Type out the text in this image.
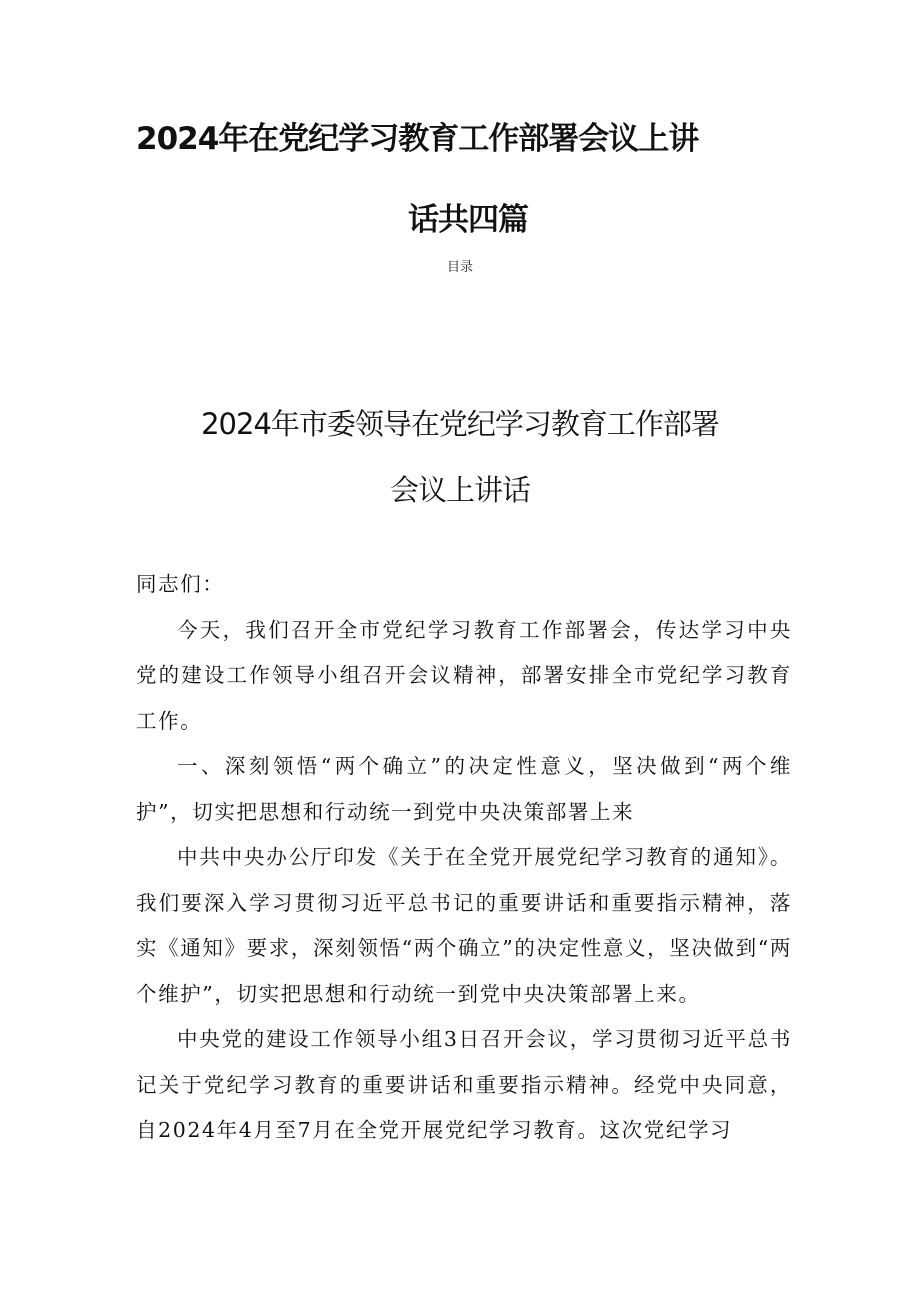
2024年在党纪学习教育工作部署会议上讲
话共四篇
目录
2024年市委领导在党纪学习教育工作部署
会议上讲话

同志们：

今天，我们召开全市党纪学习教育工作部署会，传达学习中央党的建设工作领导小组召开会议精神，部署安排全市党纪学习教育工作。

一、深刻领悟“两个确立”的决定性意义，坚决做到“两个维护”，切实把思想和行动统一到党中央决策部署上来

中共中央办公厅印发《关于在全党开展党纪学习教育的通知》。我们要深入学习贯彻习近平总书记的重要讲话和重要指示精神，落实《通知》要求，深刻领悟“两个确立”的决定性意义，坚决做到“两个维护”，切实把思想和行动统一到党中央决策部署上来。

中央党的建设工作领导小组3日召开会议，学习贯彻习近平总书记关于党纪学习教育的重要讲话和重要指示精神。经党中央同意，自2024年4月至7月在全党开展党纪学习教育。这次党纪学习
